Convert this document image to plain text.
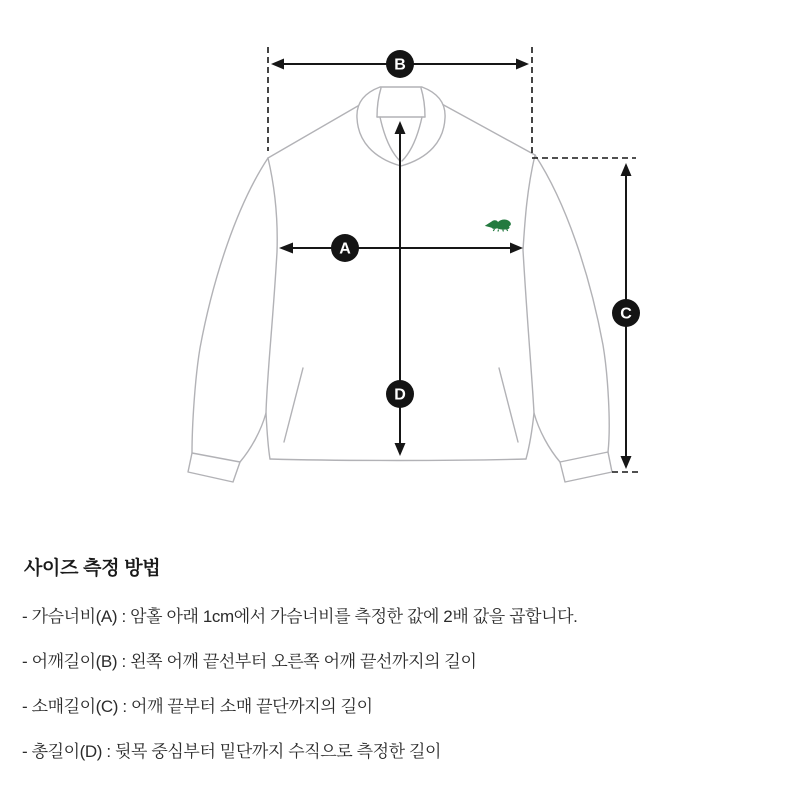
B
A
C
D
사이즈 측정 방법

- 가슴너비(A) : 암홀 아래 1cm에서 가슴너비를 측정한 값에 2배 값을 곱합니다.

- 어깨길이(B) : 왼쪽 어깨 끝선부터 오른쪽 어깨 끝선까지의 길이

- 소매길이(C) : 어깨 끝부터 소매 끝단까지의 길이

- 총길이(D) : 뒷목 중심부터 밑단까지 수직으로 측정한 길이
